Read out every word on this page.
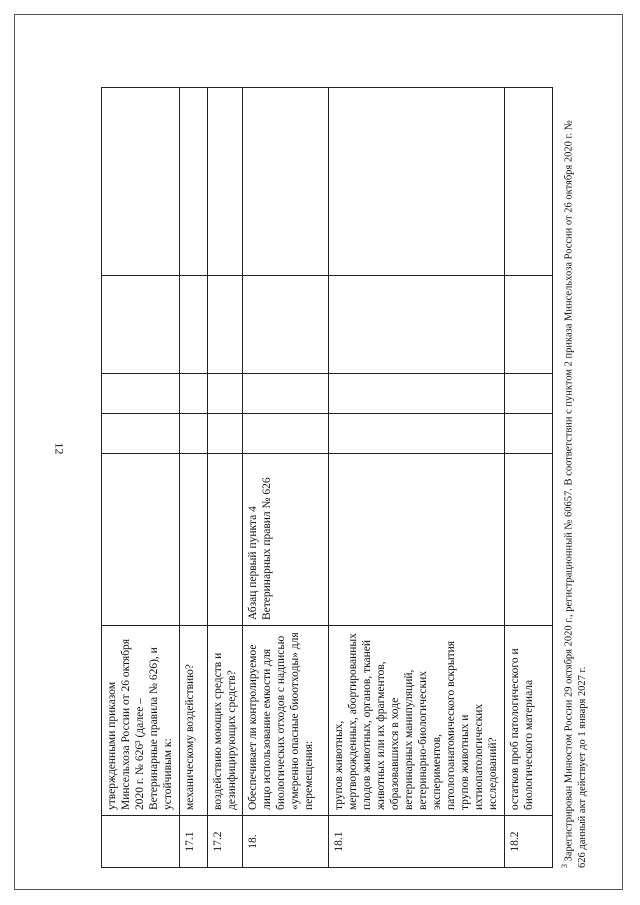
12
	утвержденными приказом Минсельхоза России от 26 октября 2020 г. № 626³ (далее – Ветеринарные правила № 626), и устойчивым к:					
17.1	механическому воздействию?					
17.2	воздействию моющих средств и дезинфицирующих средств?					
18.	Обеспечивает ли контролируемое лицо использование емкости для биологических отходов с надписью «умеренно опасные биоотходы» для перемещения:	Абзац первый пункта 4 Ветеринарных правил № 626				
18.1	трупов животных, мертворожденных, абортированных плодов животных, органов, тканей животных или их фрагментов, образовавшихся в ходе ветеринарных манипуляций, ветеринарно-биологических экспериментов, патологоанатомического вскрытия трупов животных и ихтиопатологических исследований?					
18.2	остатков проб патологического и биологического материала					
$^3$ Зарегистрирован Минюстом России 29 октября 2020 г., регистрационный № 60657. В соответствии с пунктом 2 приказа Минсельхоза России от 26 октября 2020 г. № 626 данный акт действует до 1 января 2027 г.
